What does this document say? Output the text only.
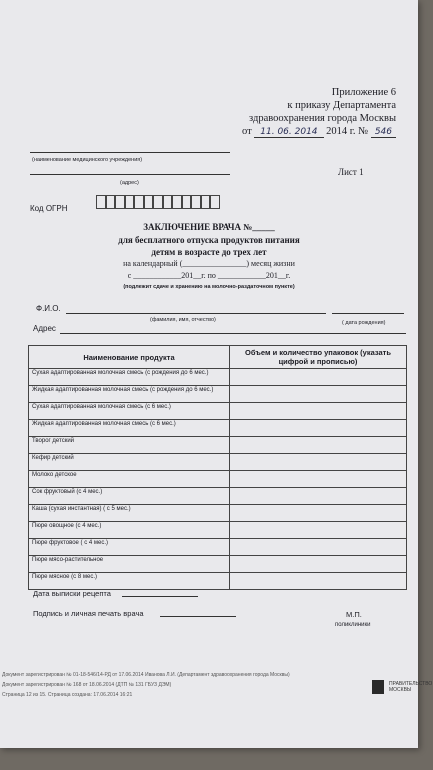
Приложение 6
к приказу Департамента
здравоохранения города Москвы
от 11. 06. 2014 2014 г. № 546
(наименование медицинского учреждения)
(адрес)
Лист 1
Код ОГРН
ЗАКЛЮЧЕНИЕ ВРАЧА №_____
для бесплатного отпуска продуктов питания
детям в возрасте до трех лет
на календарный (________________) месяц жизни
с ____________201__г. по ____________201__г.
(подлежит сдаче и хранению на молочно-раздаточном пункте)
Ф.И.О.
(фамилия, имя, отчество)	( дата рождения)
Адрес
Наименование продукта	Объем и количество упаковок (указать цифрой и прописью)
Сухая адаптированная молочная смесь (с рождения до 6 мес.)	
Жидкая адаптированная молочная смесь (с рождения до 6 мес.)	
Сухая адаптированная молочная смесь (с 6 мес.)	
Жидкая адаптированная молочная смесь (с 6 мес.)	
Творог детский	
Кефир детский	
Молоко детское	
Сок фруктовый (с 4 мес.)	
Каша (сухая инстантная) ( с 5 мес.)	
Пюре овощное (с 4 мес.)	
Пюре фруктовое ( с 4 мес.)	
Пюре мясо-растительное	
Пюре мясное (с 8 мес.)	
Дата выписки рецепта
Подпись и личная печать врача	М.П.
поликлиники
Документ зарегистрирован № 01-18-546/14-РД от 17.06.2014 Иванова Л.И. (Департамент здравоохранения города Москвы)
Документ зарегистрирован № 168 от 18.06.2014 (ДТП № 131 ГБУЗ ДЭМ)
Страница 12 из 15. Страница создана: 17.06.2014 16:21
ПРАВИТЕЛЬСТВО
МОСКВЫ
